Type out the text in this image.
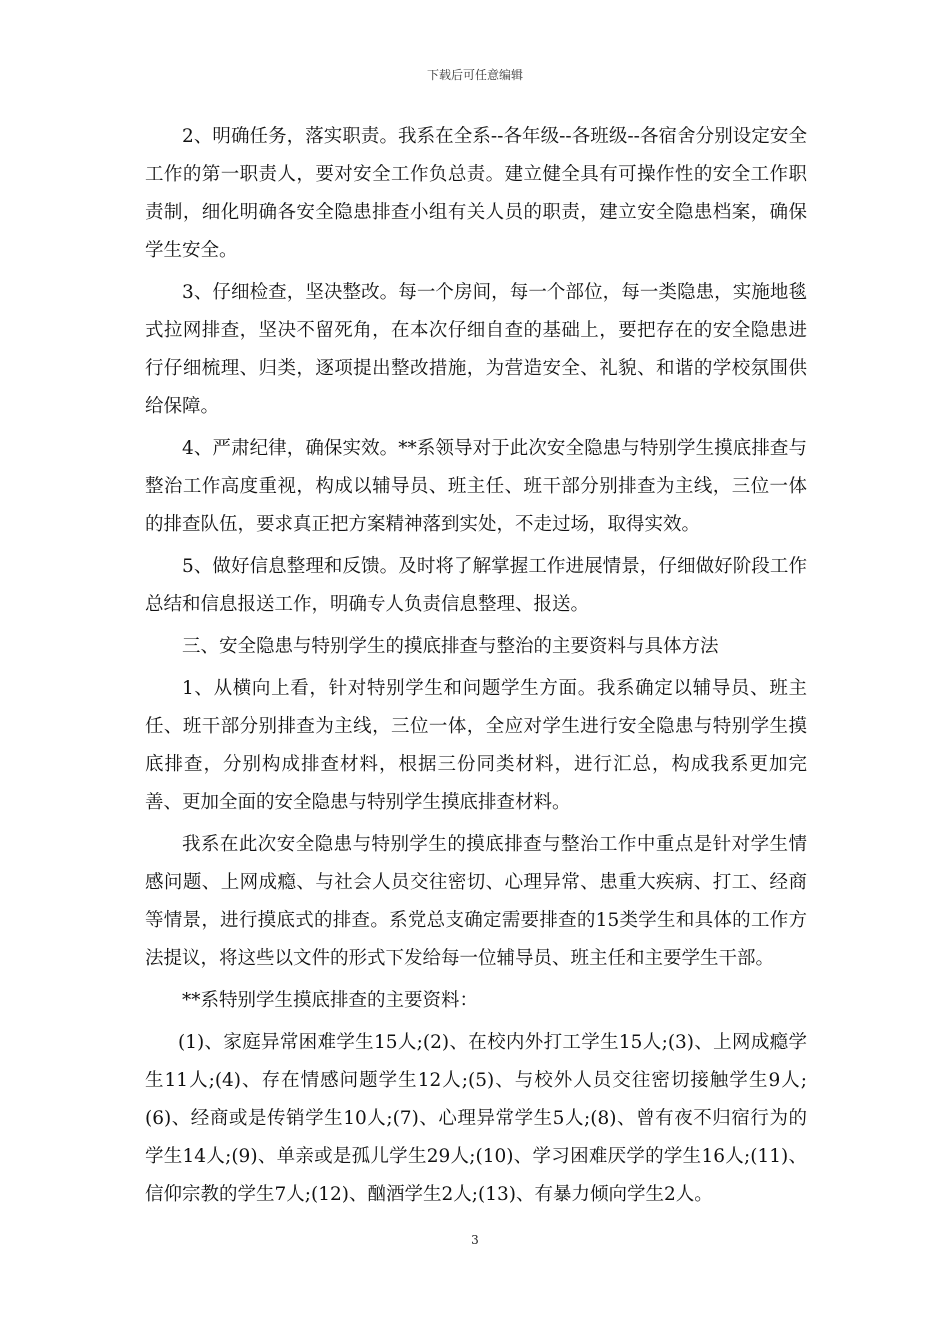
下载后可任意编辑

2、明确任务，落实职责。我系在全系--各年级--各班级--各宿舍分别设定安全工作的第一职责人，要对安全工作负总责。建立健全具有可操作性的安全工作职责制，细化明确各安全隐患排查小组有关人员的职责，建立安全隐患档案，确保学生安全。

3、仔细检查，坚决整改。每一个房间，每一个部位，每一类隐患，实施地毯式拉网排查，坚决不留死角，在本次仔细自查的基础上，要把存在的安全隐患进行仔细梳理、归类，逐项提出整改措施，为营造安全、礼貌、和谐的学校氛围供给保障。

4、严肃纪律，确保实效。**系领导对于此次安全隐患与特别学生摸底排查与整治工作高度重视，构成以辅导员、班主任、班干部分别排查为主线，三位一体的排查队伍，要求真正把方案精神落到实处，不走过场，取得实效。

5、做好信息整理和反馈。及时将了解掌握工作进展情景，仔细做好阶段工作总结和信息报送工作，明确专人负责信息整理、报送。

三、安全隐患与特别学生的摸底排查与整治的主要资料与具体方法

1、从横向上看，针对特别学生和问题学生方面。我系确定以辅导员、班主任、班干部分别排查为主线，三位一体，全应对学生进行安全隐患与特别学生摸底排查，分别构成排查材料，根据三份同类材料，进行汇总，构成我系更加完善、更加全面的安全隐患与特别学生摸底排查材料。

我系在此次安全隐患与特别学生的摸底排查与整治工作中重点是针对学生情感问题、上网成瘾、与社会人员交往密切、心理异常、患重大疾病、打工、经商等情景，进行摸底式的排查。系党总支确定需要排查的15类学生和具体的工作方法提议，将这些以文件的形式下发给每一位辅导员、班主任和主要学生干部。

**系特别学生摸底排查的主要资料：

(1)、家庭异常困难学生15人;(2)、在校内外打工学生15人;(3)、上网成瘾学生11人;(4)、存在情感问题学生12人;(5)、与校外人员交往密切接触学生9人;(6)、经商或是传销学生10人;(7)、心理异常学生5人;(8)、曾有夜不归宿行为的学生14人;(9)、单亲或是孤儿学生29人;(10)、学习困难厌学的学生16人;(11)、信仰宗教的学生7人;(12)、酗酒学生2人;(13)、有暴力倾向学生2人。

3
